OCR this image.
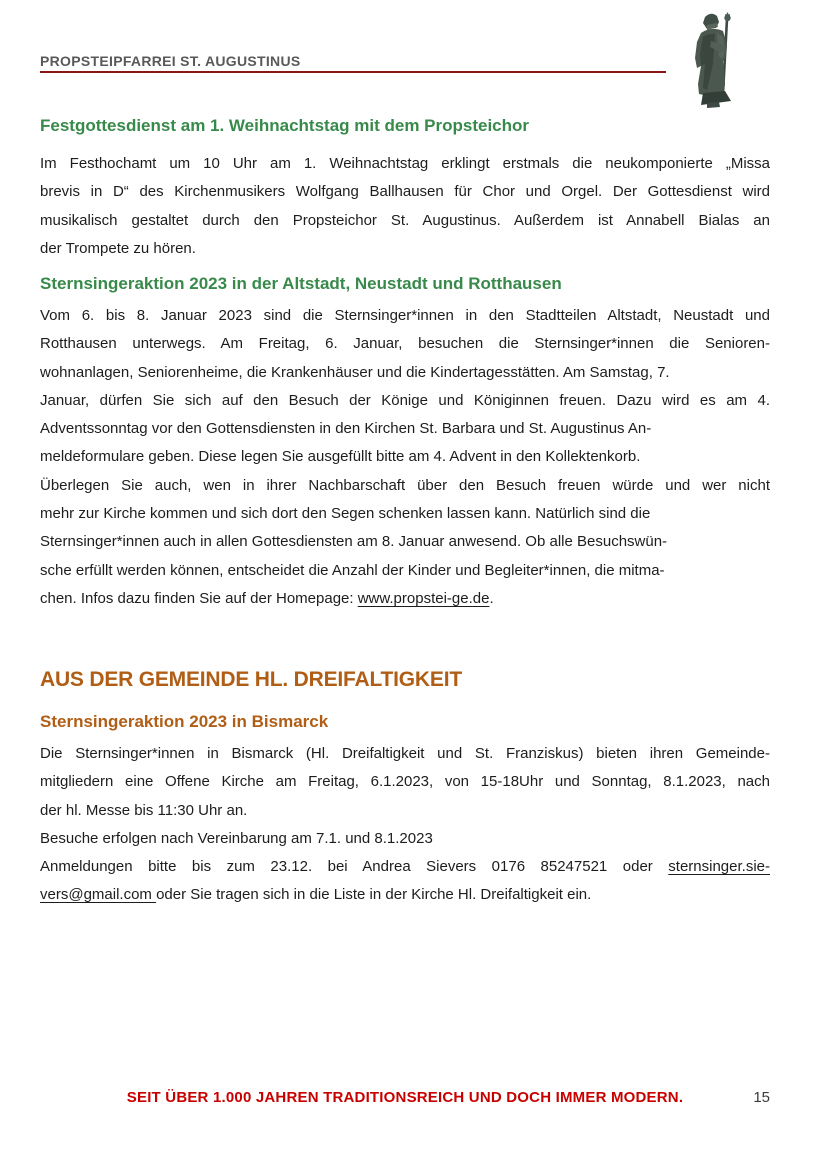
PROPSTEIPFARREI ST. AUGUSTINUS
Festgottesdienst am 1. Weihnachtstag mit dem Propsteichor
Im Festhochamt um 10 Uhr am 1. Weihnachtstag erklingt erstmals die neukomponierte „Missa
brevis in D“ des Kirchenmusikers Wolfgang Ballhausen für Chor und Orgel. Der Gottesdienst wird
musikalisch gestaltet durch den Propsteichor St. Augustinus. Außerdem ist Annabell Bialas an
der Trompete zu hören.
Sternsingeraktion 2023 in der Altstadt, Neustadt und Rotthausen
Vom 6. bis 8. Januar 2023 sind die Sternsinger*innen in den Stadtteilen Altstadt, Neustadt und
Rotthausen unterwegs. Am Freitag, 6. Januar, besuchen die Sternsinger*innen die Senioren-
wohnanlagen, Seniorenheime, die Krankenhäuser und die Kindertagesstätten. Am Samstag, 7.
Januar, dürfen Sie sich auf den Besuch der Könige und Königinnen freuen. Dazu wird es am 4.
Adventssonntag vor den Gottensdiensten in den Kirchen St. Barbara und St. Augustinus An-
meldeformulare geben. Diese legen Sie ausgefüllt bitte am 4. Advent in den Kollektenkorb.
Überlegen Sie auch, wen in ihrer Nachbarschaft über den Besuch freuen würde und wer nicht
mehr zur Kirche kommen und sich dort den Segen schenken lassen kann. Natürlich sind die
Sternsinger*innen auch in allen Gottesdiensten am 8. Januar anwesend. Ob alle Besuchswün-
sche erfüllt werden können, entscheidet die Anzahl der Kinder und Begleiter*innen, die mitma-
chen. Infos dazu finden Sie auf der Homepage: www.propstei-ge.de.
AUS DER GEMEINDE HL. DREIFALTIGKEIT
Sternsingeraktion 2023 in Bismarck
Die Sternsinger*innen in Bismarck (Hl. Dreifaltigkeit und St. Franziskus) bieten ihren Gemeinde-
mitgliedern eine Offene Kirche am Freitag, 6.1.2023, von 15-18Uhr und Sonntag, 8.1.2023, nach
der hl. Messe bis 11:30 Uhr an.
Besuche erfolgen nach Vereinbarung am 7.1. und 8.1.2023
Anmeldungen bitte bis zum 23.12. bei Andrea Sievers 0176 85247521 oder sternsinger.sie-
vers@gmail.com oder Sie tragen sich in die Liste in der Kirche Hl. Dreifaltigkeit ein.
SEIT ÜBER 1.000 JAHREN TRADITIONSREICH UND DOCH IMMER MODERN.	15
